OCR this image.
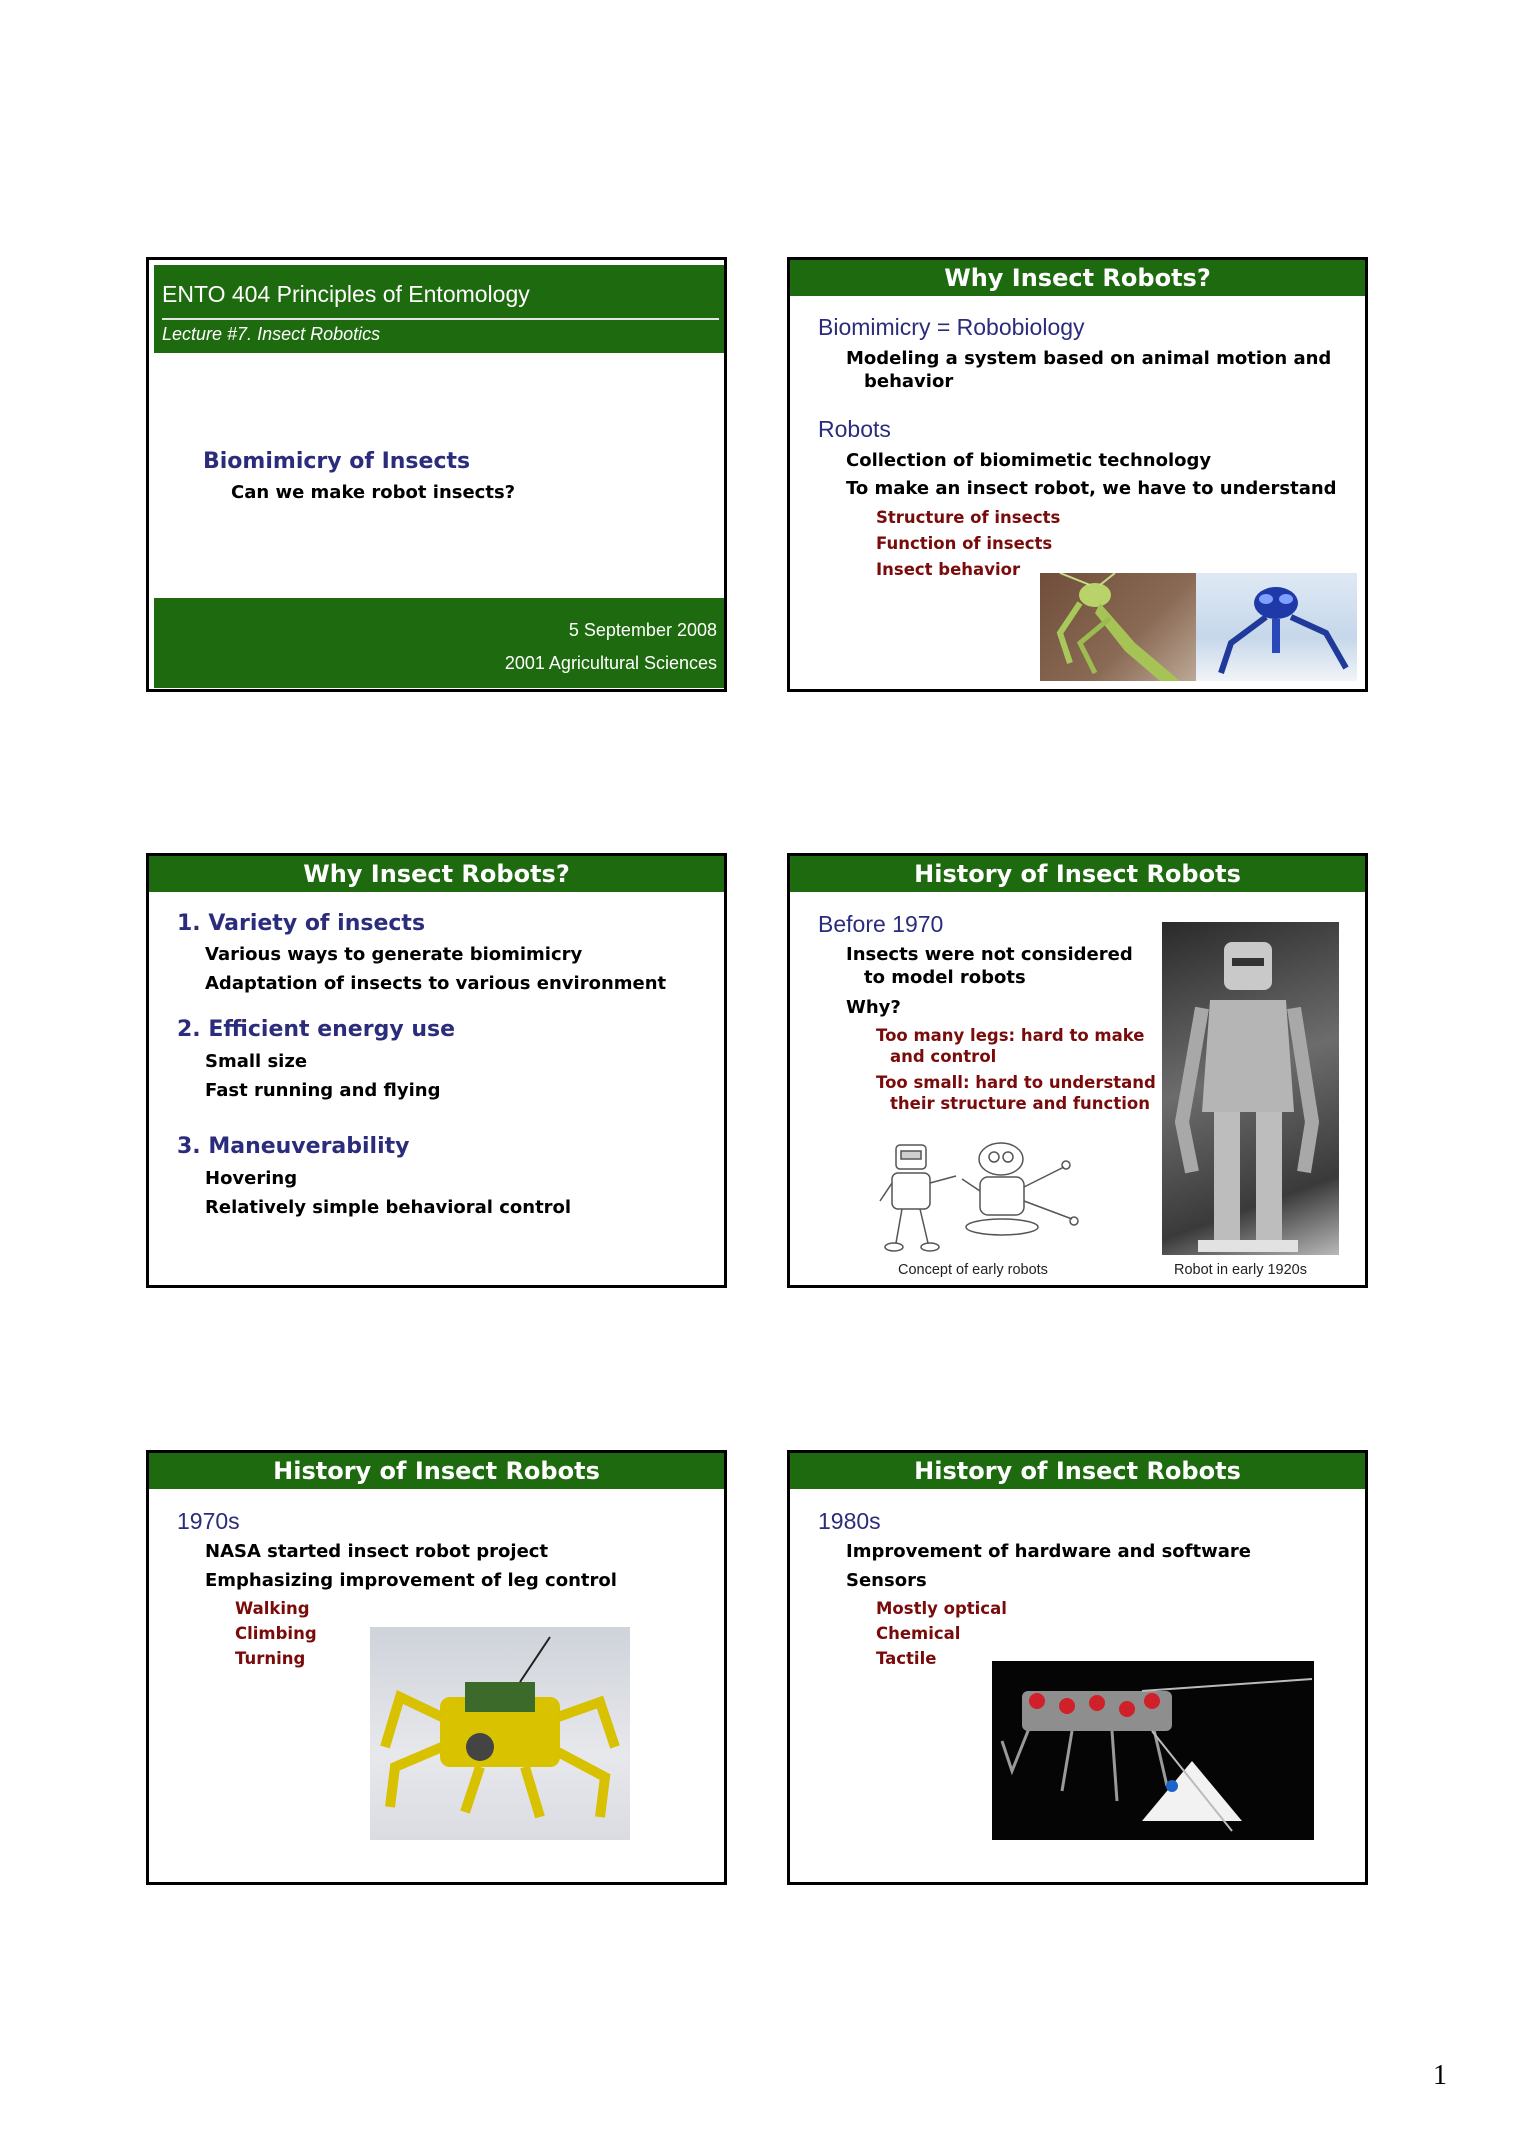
ENTO 404 Principles of Entomology
Lecture #7. Insect Robotics
Biomimicry of Insects
Can we make robot insects?
5 September 2008
2001 Agricultural Sciences
Why Insect Robots?
Biomimicry = Robobiology
Modeling a system based on animal motion and
behavior
Robots
Collection of biomimetic technology
To make an insect robot, we have to understand
Structure of insects
Function of insects
Insect behavior
Why Insect Robots?
1. Variety of insects
Various ways to generate biomimicry
Adaptation of insects to various environment
2. Efficient energy use
Small size
Fast running and flying
3. Maneuverability
Hovering
Relatively simple behavioral control
History of Insect Robots
Before 1970
Insects were not considered
to model robots
Why?
Too many legs: hard to make
and control
Too small: hard to understand
their structure and function
Concept of early robots	Robot in early 1920s
History of Insect Robots
1970s
NASA started insect robot project
Emphasizing improvement of leg control
Walking
Climbing
Turning
History of Insect Robots
1980s
Improvement of hardware and software
Sensors
Mostly optical
Chemical
Tactile
1
